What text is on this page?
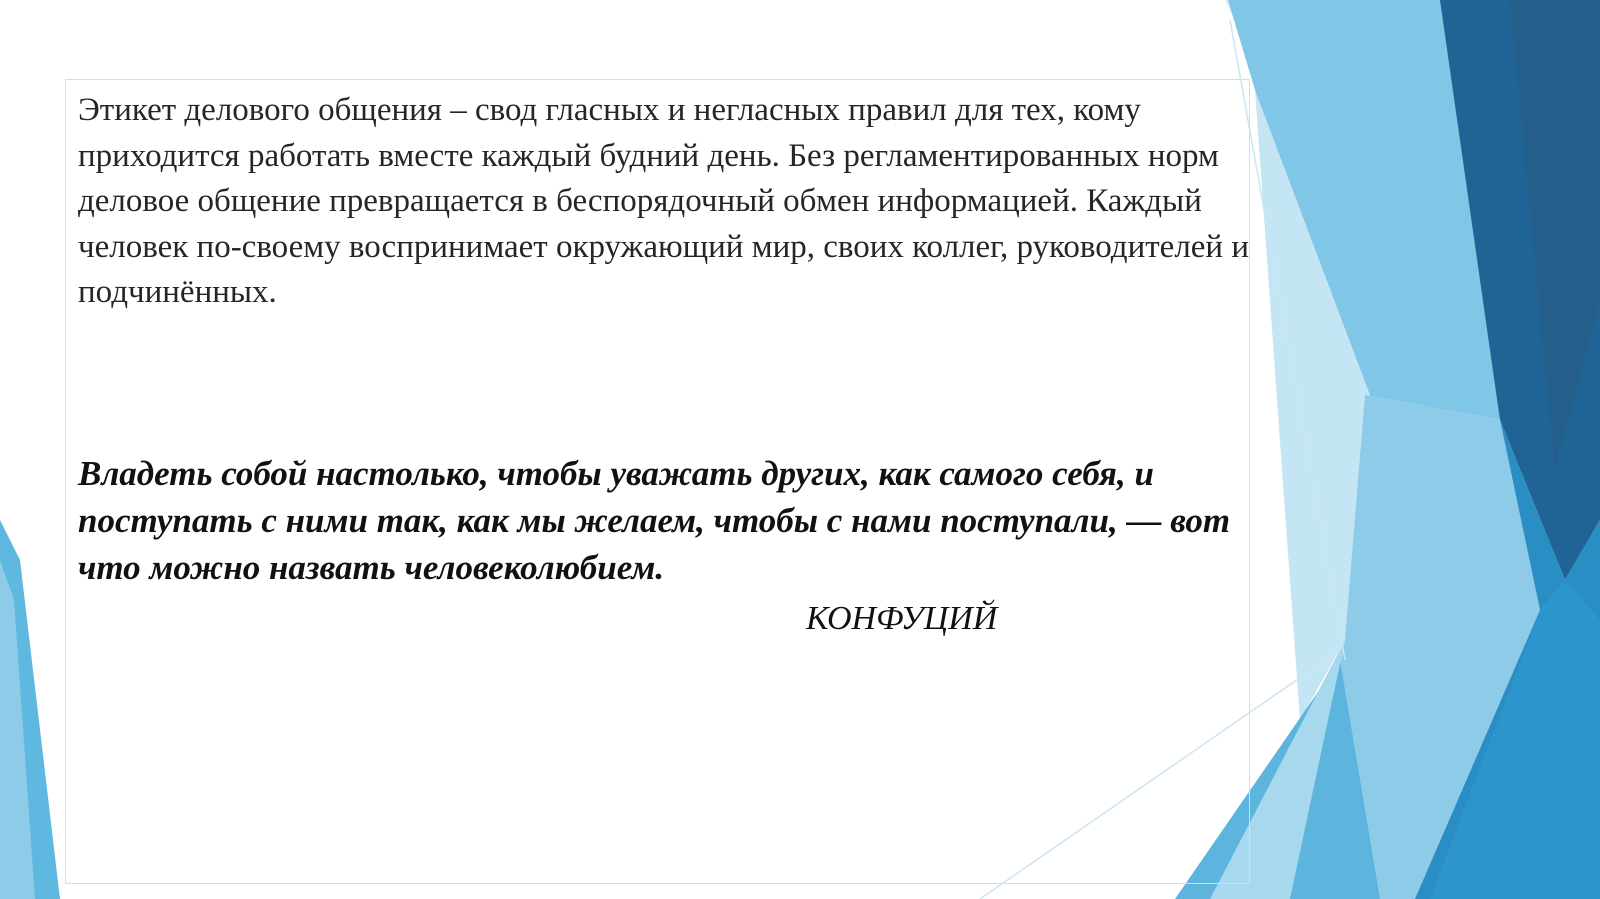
Этикет делового общения – свод гласных и негласных правил для тех, кому приходится работать вместе каждый будний день. Без регламентированных норм деловое общение превращается в беспорядочный обмен информацией. Каждый человек по-своему воспринимает окружающий мир, своих коллег, руководителей и подчинённых.

Владеть собой настолько, чтобы уважать других, как самого себя, и поступать с ними так, как мы желаем, чтобы с нами поступали, — вот что можно назвать человеколюбием.

КОНФУЦИЙ
